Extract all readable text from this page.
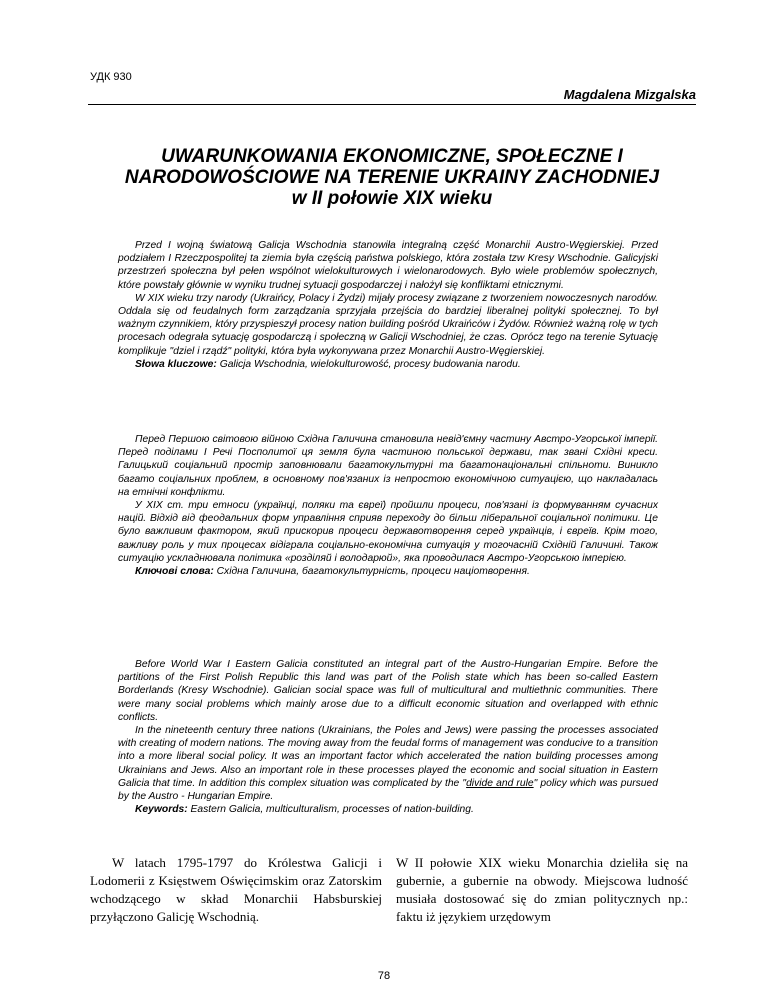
УДК 930
Magdalena Mizgalska
UWARUNKOWANIA EKONOMICZNE, SPOŁECZNE I
NARODOWOŚCIOWE NA TERENIE UKRAINY ZACHODNIEJ
w II połowie XIX wieku

Przed I wojną światową Galicja Wschodnia stanowiła integralną część Monarchii Austro-Węgierskiej. Przed podziałem I Rzeczpospolitej ta ziemia była częścią państwa polskiego, która została tzw Kresy Wschodnie. Galicyjski przestrzeń społeczna był pełen wspólnot wielokulturowych i wielonarodowych. Było wiele problemów społecznych, które powstały głównie w wyniku trudnej sytuacji gospodarczej i nałożył się konfliktami etnicznymi.

W XIX wieku trzy narody (Ukraińcy, Polacy i Żydzi) mijały procesy związane z tworzeniem nowoczesnych narodów. Oddala się od feudalnych form zarządzania sprzyjała przejścia do bardziej liberalnej polityki społecznej. To był ważnym czynnikiem, który przyspieszył procesy nation building pośród Ukraińców i Żydów. Również ważną rolę w tych procesach odegrała sytuację gospodarczą i społeczną w Galicji Wschodniej, że czas. Oprócz tego na terenie Sytuację komplikuje "dziel i rządź" polityki, która była wykonywana przez Monarchii Austro-Węgierskiej.

Słowa kluczowe: Galicja Wschodnia, wielokulturowość, procesy budowania narodu.

Перед Першою світовою війною Східна Галичина становила невід'ємну частину Австро-Угорської імперії. Перед поділами І Речі Посполитої ця земля була частиною польської держави, так звані Східні креси. Галицький соціальний простір заповнювали багатокультурні та багатонаціональні спільноти. Виникло багато соціальних проблем, в основному пов'язаних із непростою економічною ситуацією, що накладалась на етнічні конфлікти.

У XIX ст. три етноси (українці, поляки та євреї) пройшли процеси, пов'язані із формуванням сучасних націй. Відхід від феодальних форм управління сприяв переходу до більш ліберальної соціальної політики. Це було важливим фактором, який прискорив процеси державотворення серед українців, і євреїв. Крім того, важливу роль у тих процесах відіграла соціально-економічна ситуація у тогочасній Східній Галичині. Також ситуацію ускладнювала політика «розділяй і володарюй», яка проводилася Австро-Угорською імперією.

Ключові слова: Східна Галичина, багатокультурність, процеси націотворення.

Before World War I Eastern Galicia constituted an integral part of the Austro-Hungarian Empire. Before the partitions of the First Polish Republic this land was part of the Polish state which has been so-called Eastern Borderlands (Kresy Wschodnie). Galician social space was full of multicultural and multiethnic communities. There were many social problems which mainly arose due to a difficult economic situation and overlapped with ethnic conflicts.

In the nineteenth century three nations (Ukrainians, the Poles and Jews) were passing the processes associated with creating of modern nations. The moving away from the feudal forms of management was conducive to a transition into a more liberal social policy. It was an important factor which accelerated the nation building processes among Ukrainians and Jews. Also an important role in these processes played the economic and social situation in Eastern Galicia that time. In addition this complex situation was complicated by the "divide and rule" policy which was pursued by the Austro - Hungarian Empire.

Keywords: Eastern Galicia, multiculturalism, processes of nation-building.

W latach 1795-1797 do Królestwa Galicji i Lodomerii z Księstwem Oświęcimskim oraz Zatorskim wchodzącego w skład Monarchii Habsburskiej przyłączono Galicję Wschodnią.

W II połowie XIX wieku Monarchia dzieliła się na gubernie, a gubernie na obwody. Miejscowa ludność musiała dostosować się do zmian politycznych np.: faktu iż językiem urzędowym

78
